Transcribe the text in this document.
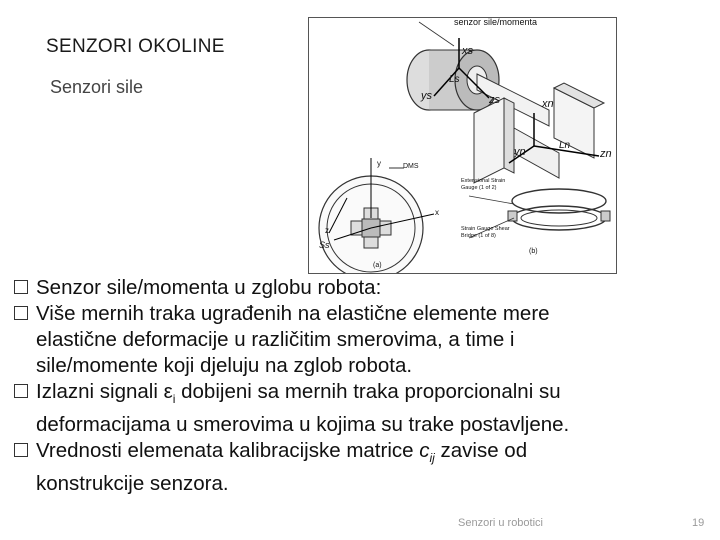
SENZORI OKOLINE
Senzori sile
senzor sile/momenta
xs
Ls
ys	zs	xn
Ln
yn	zn
y	DMS
x
z
Ss
Extensional Strain Gauge (1 of 2)
Strain Gauge Shear Bridge (1 of 8)
(a)
(b)
Senzor sile/momenta u zglobu robota:
Više mernih traka ugrađenih na elastične elemente mere
elastične deformacije u različitim smerovima, a time i
sile/momente koji djeluju na zglob robota.
Izlazni signali $\varepsilon_i$ dobijeni sa mernih traka proporcionalni su
deformacijama u smerovima u kojima su trake postavljene.
Vrednosti elemenata kalibracijske matrice $c_{ij}$ zavise od
konstrukcije senzora.
Senzori u robotici	19
